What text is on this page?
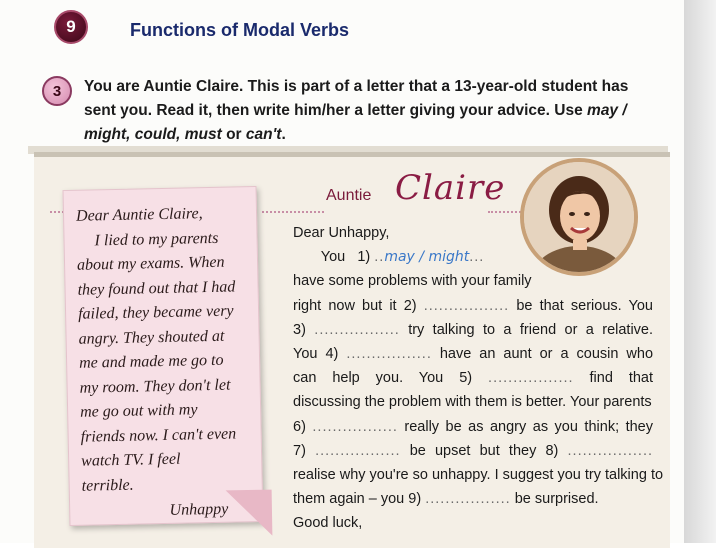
9	Functions of Modal Verbs
3 You are Auntie Claire. This is part of a letter that a 13-year-old student has sent you. Read it, then write him/her a letter giving your advice. Use may /
might, could, must or can't.

Dear Auntie Claire,

I lied to my parents

about my exams. When

they found out that I had

failed, they became very

angry. They shouted at

me and made me go to

my room. They don't let

me go out with my

friends now. I can't even

watch TV. I feel

terrible.

Unhappy

Auntie Claire
Dear Unhappy,
You 1) ..may / might...
have some problems with your family
right now but it 2) ................. be that serious. You
3) ................. try talking to a friend or a relative.
You 4) ................. have an aunt or a cousin who
can help you. You 5) ................. find that
discussing the problem with them is better. Your parents
6) ................. really be as angry as you think; they
7) ................. be upset but they 8) .................
realise why you're so unhappy. I suggest you try talking to
them again – you 9) ................. be surprised.
Good luck,
